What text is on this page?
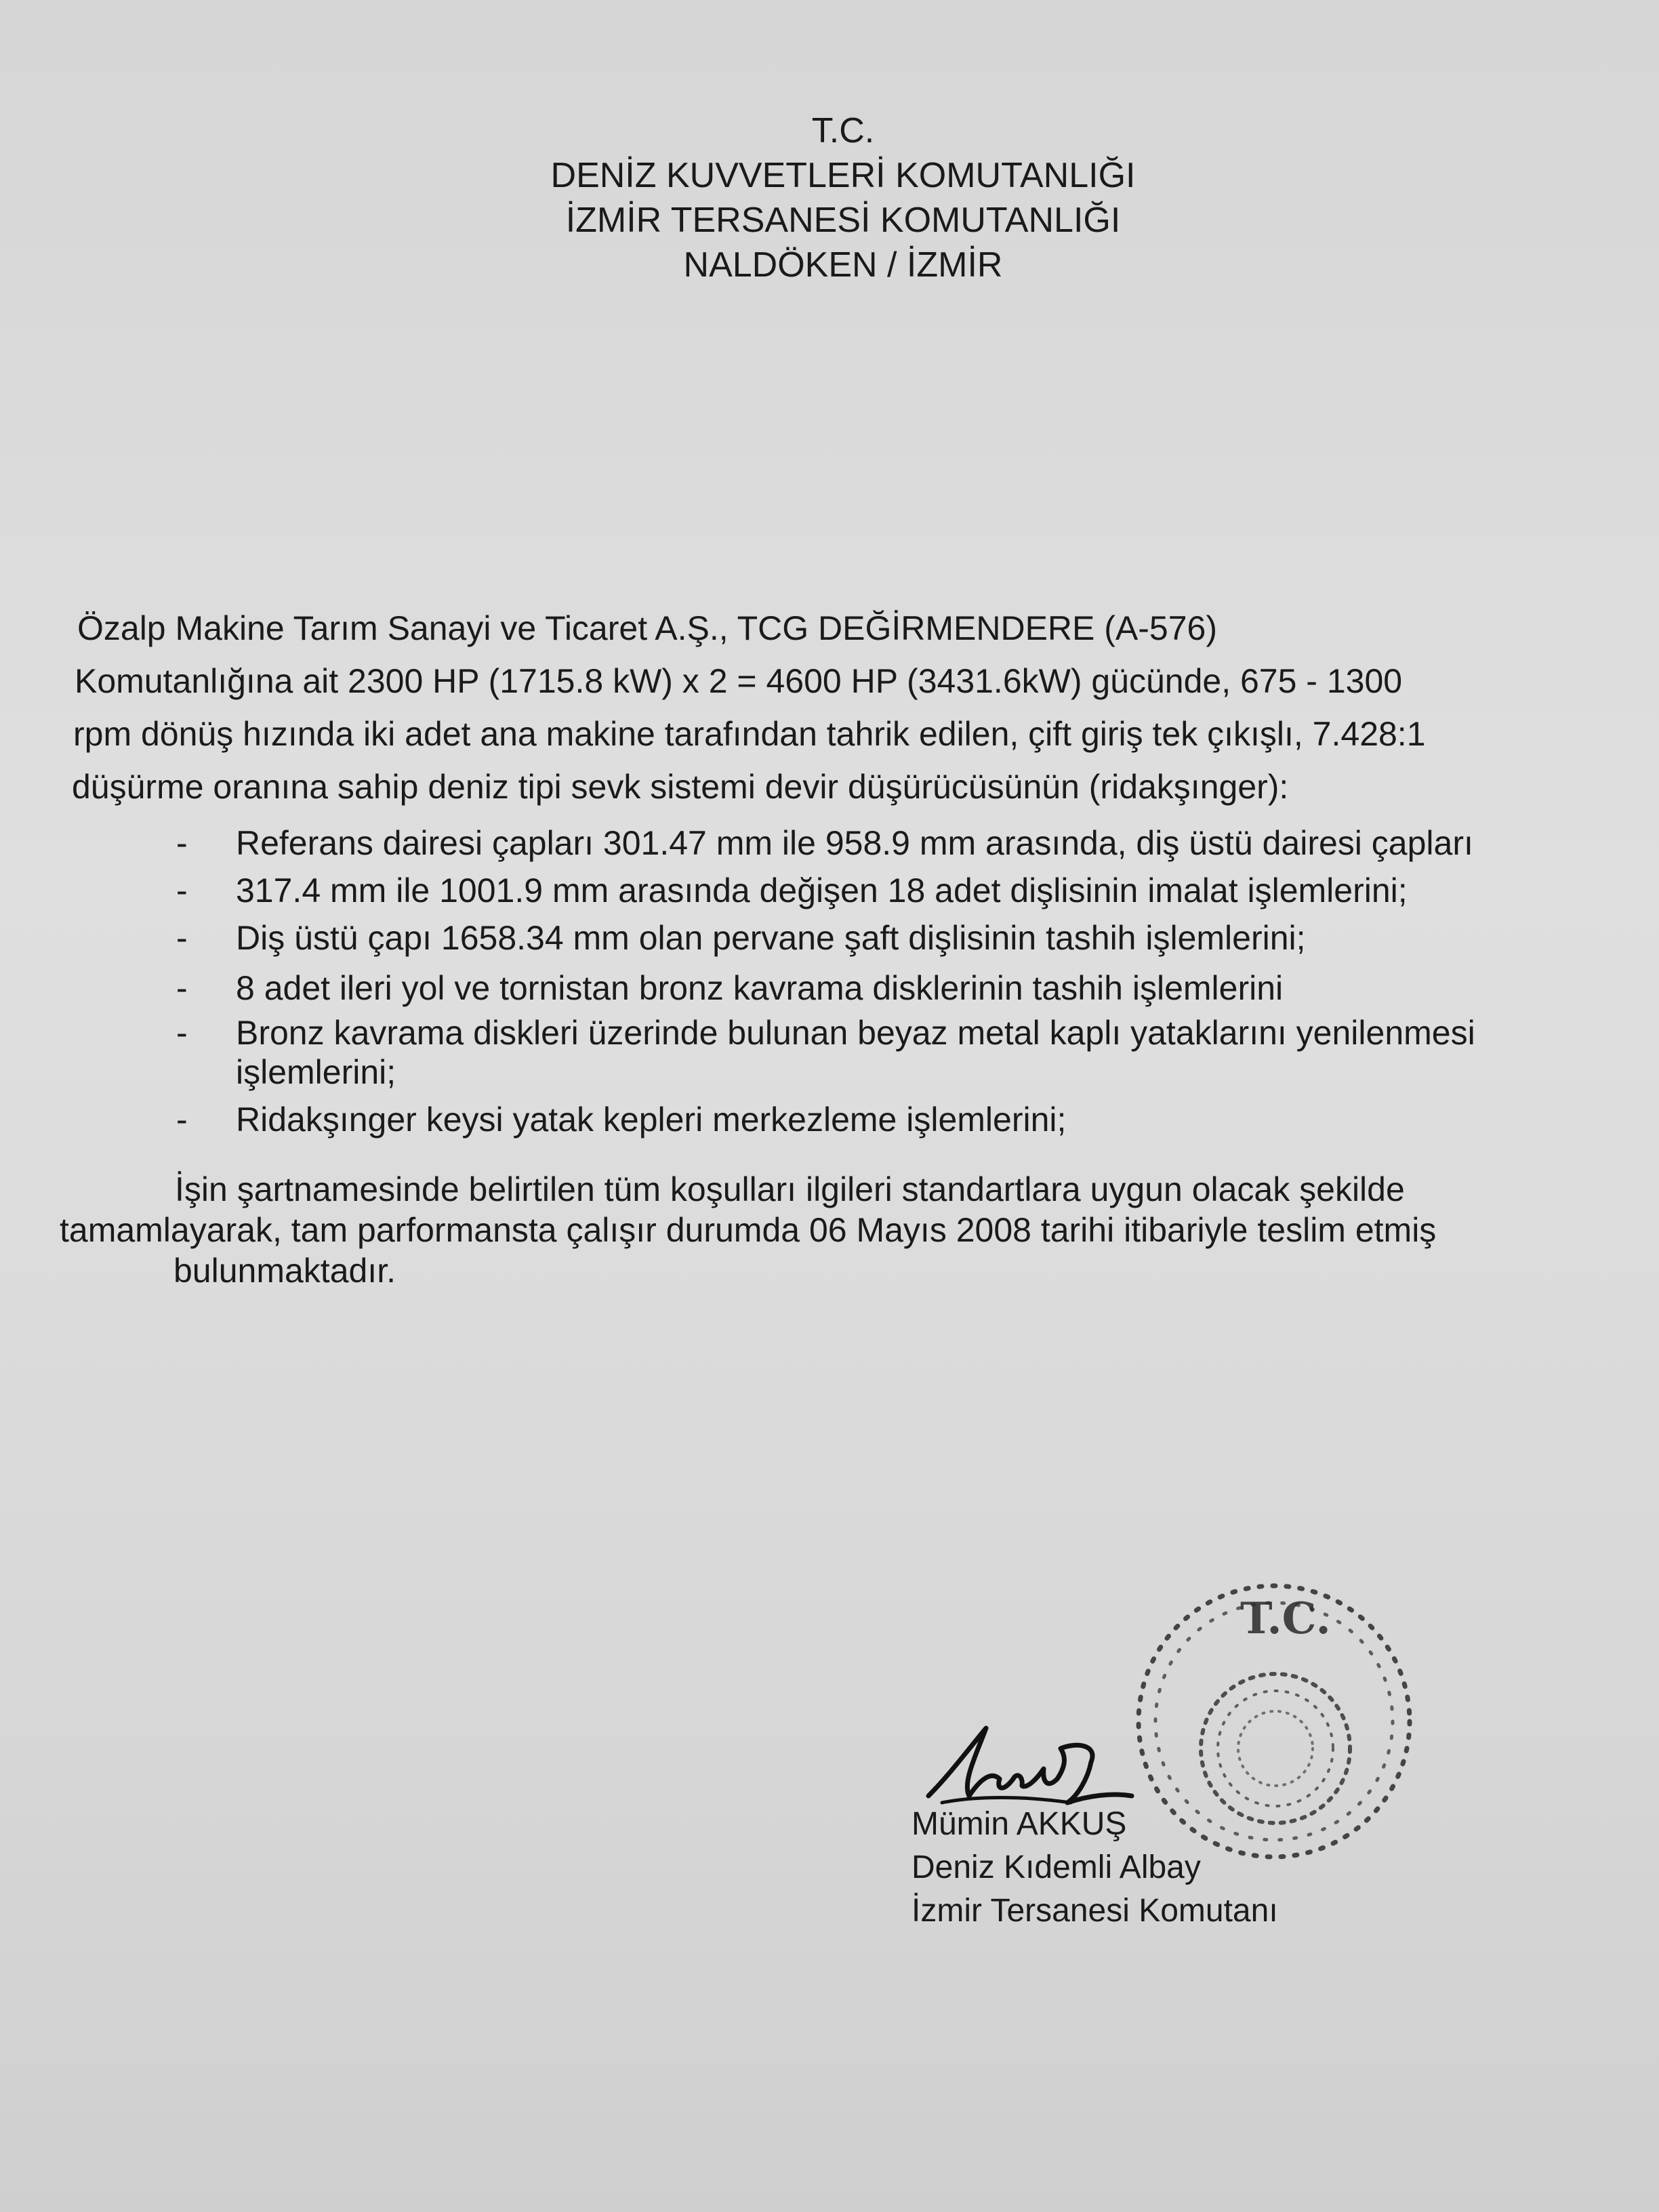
T.C.
DENİZ KUVVETLERİ KOMUTANLIĞI
İZMİR TERSANESİ KOMUTANLIĞI
NALDÖKEN / İZMİR

Özalp Makine Tarım Sanayi ve Ticaret A.Ş., TCG DEĞİRMENDERE (A-576)

Komutanlığına ait 2300 HP (1715.8 kW) x 2 = 4600 HP (3431.6kW) gücünde, 675 - 1300

rpm dönüş hızında iki adet ana makine tarafından tahrik edilen, çift giriş tek çıkışlı, 7.428:1

düşürme oranına sahip deniz tipi sevk sistemi devir düşürücüsünün (ridakşınger):

- Referans dairesi çapları 301.47 mm ile 958.9 mm arasında, diş üstü dairesi çapları

- 317.4 mm ile 1001.9 mm arasında değişen 18 adet dişlisinin imalat işlemlerini;

- Diş üstü çapı 1658.34 mm olan pervane şaft dişlisinin tashih işlemlerini;

- 8 adet ileri yol ve tornistan bronz kavrama disklerinin tashih işlemlerini

- Bronz kavrama diskleri üzerinde bulunan beyaz metal kaplı yataklarını yenilenmesi
işlemlerini;

- Ridakşınger keysi yatak kepleri merkezleme işlemlerini;

İşin şartnamesinde belirtilen tüm koşulları ilgileri standartlara uygun olacak şekilde

tamamlayarak, tam parformansta çalışır durumda 06 Mayıs 2008 tarihi itibariyle teslim etmiş

bulunmaktadır.

T.C.

Mümin AKKUŞ

Deniz Kıdemli Albay

İzmir Tersanesi Komutanı
